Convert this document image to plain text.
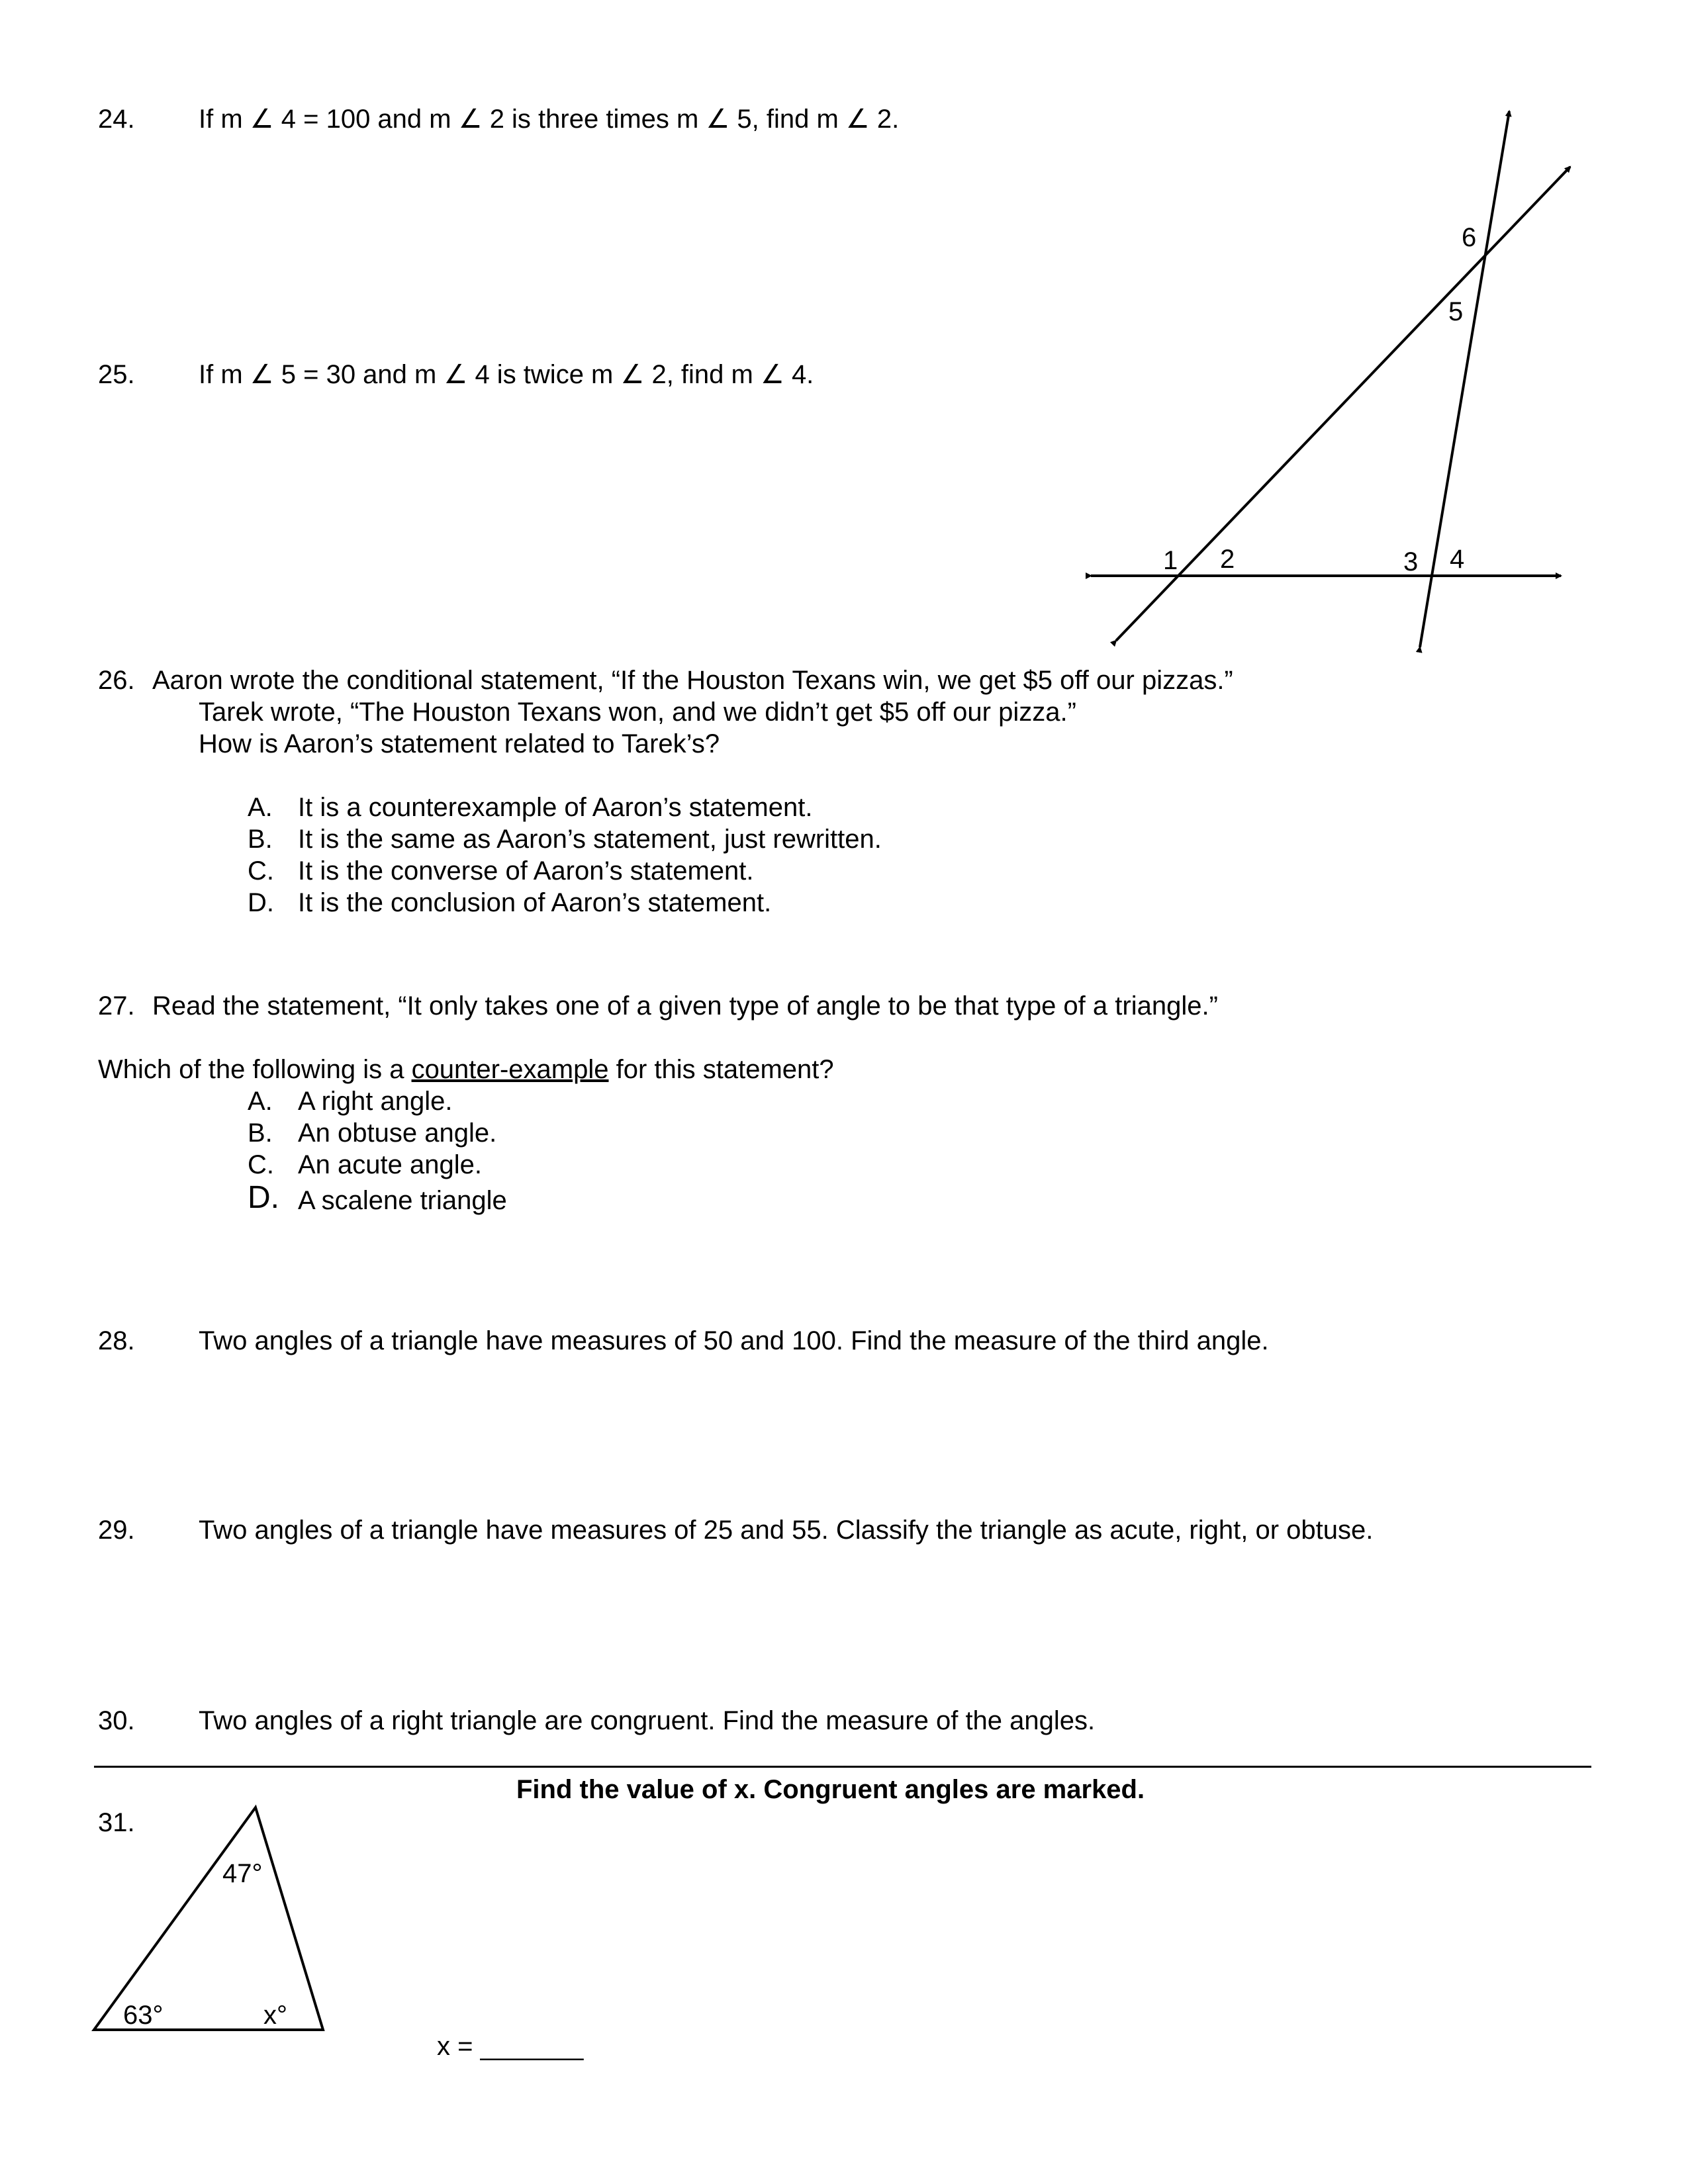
24. If m ∠ 4 = 100 and m ∠ 2 is three times m ∠ 5, find m ∠ 2.
25. If m ∠ 5 = 30 and m ∠ 4 is twice m ∠ 2, find m ∠ 4.
1 2	3 4
5
6
26. Aaron wrote the conditional statement, “If the Houston Texans win, we get $5 off our pizzas.”
Tarek wrote, “The Houston Texans won, and we didn’t get $5 off our pizza.”
How is Aaron’s statement related to Tarek’s?
A. It is a counterexample of Aaron’s statement.
B. It is the same as Aaron’s statement, just rewritten.
C. It is the converse of Aaron’s statement.
D. It is the conclusion of Aaron’s statement.
27. Read the statement, “It only takes one of a given type of angle to be that type of a triangle.”

Which of the following is a counter-example for this statement?

A. A right angle.
B. An obtuse angle.
C. An acute angle.
D. A scalene triangle
28. Two angles of a triangle have measures of 50 and 100. Find the measure of the third angle.
29. Two angles of a triangle have measures of 25 and 55. Classify the triangle as acute, right, or obtuse.
30. Two angles of a right triangle are congruent. Find the measure of the angles.
Find the value of x. Congruent angles are marked.
31.
47°
63°	x°
x = _______
